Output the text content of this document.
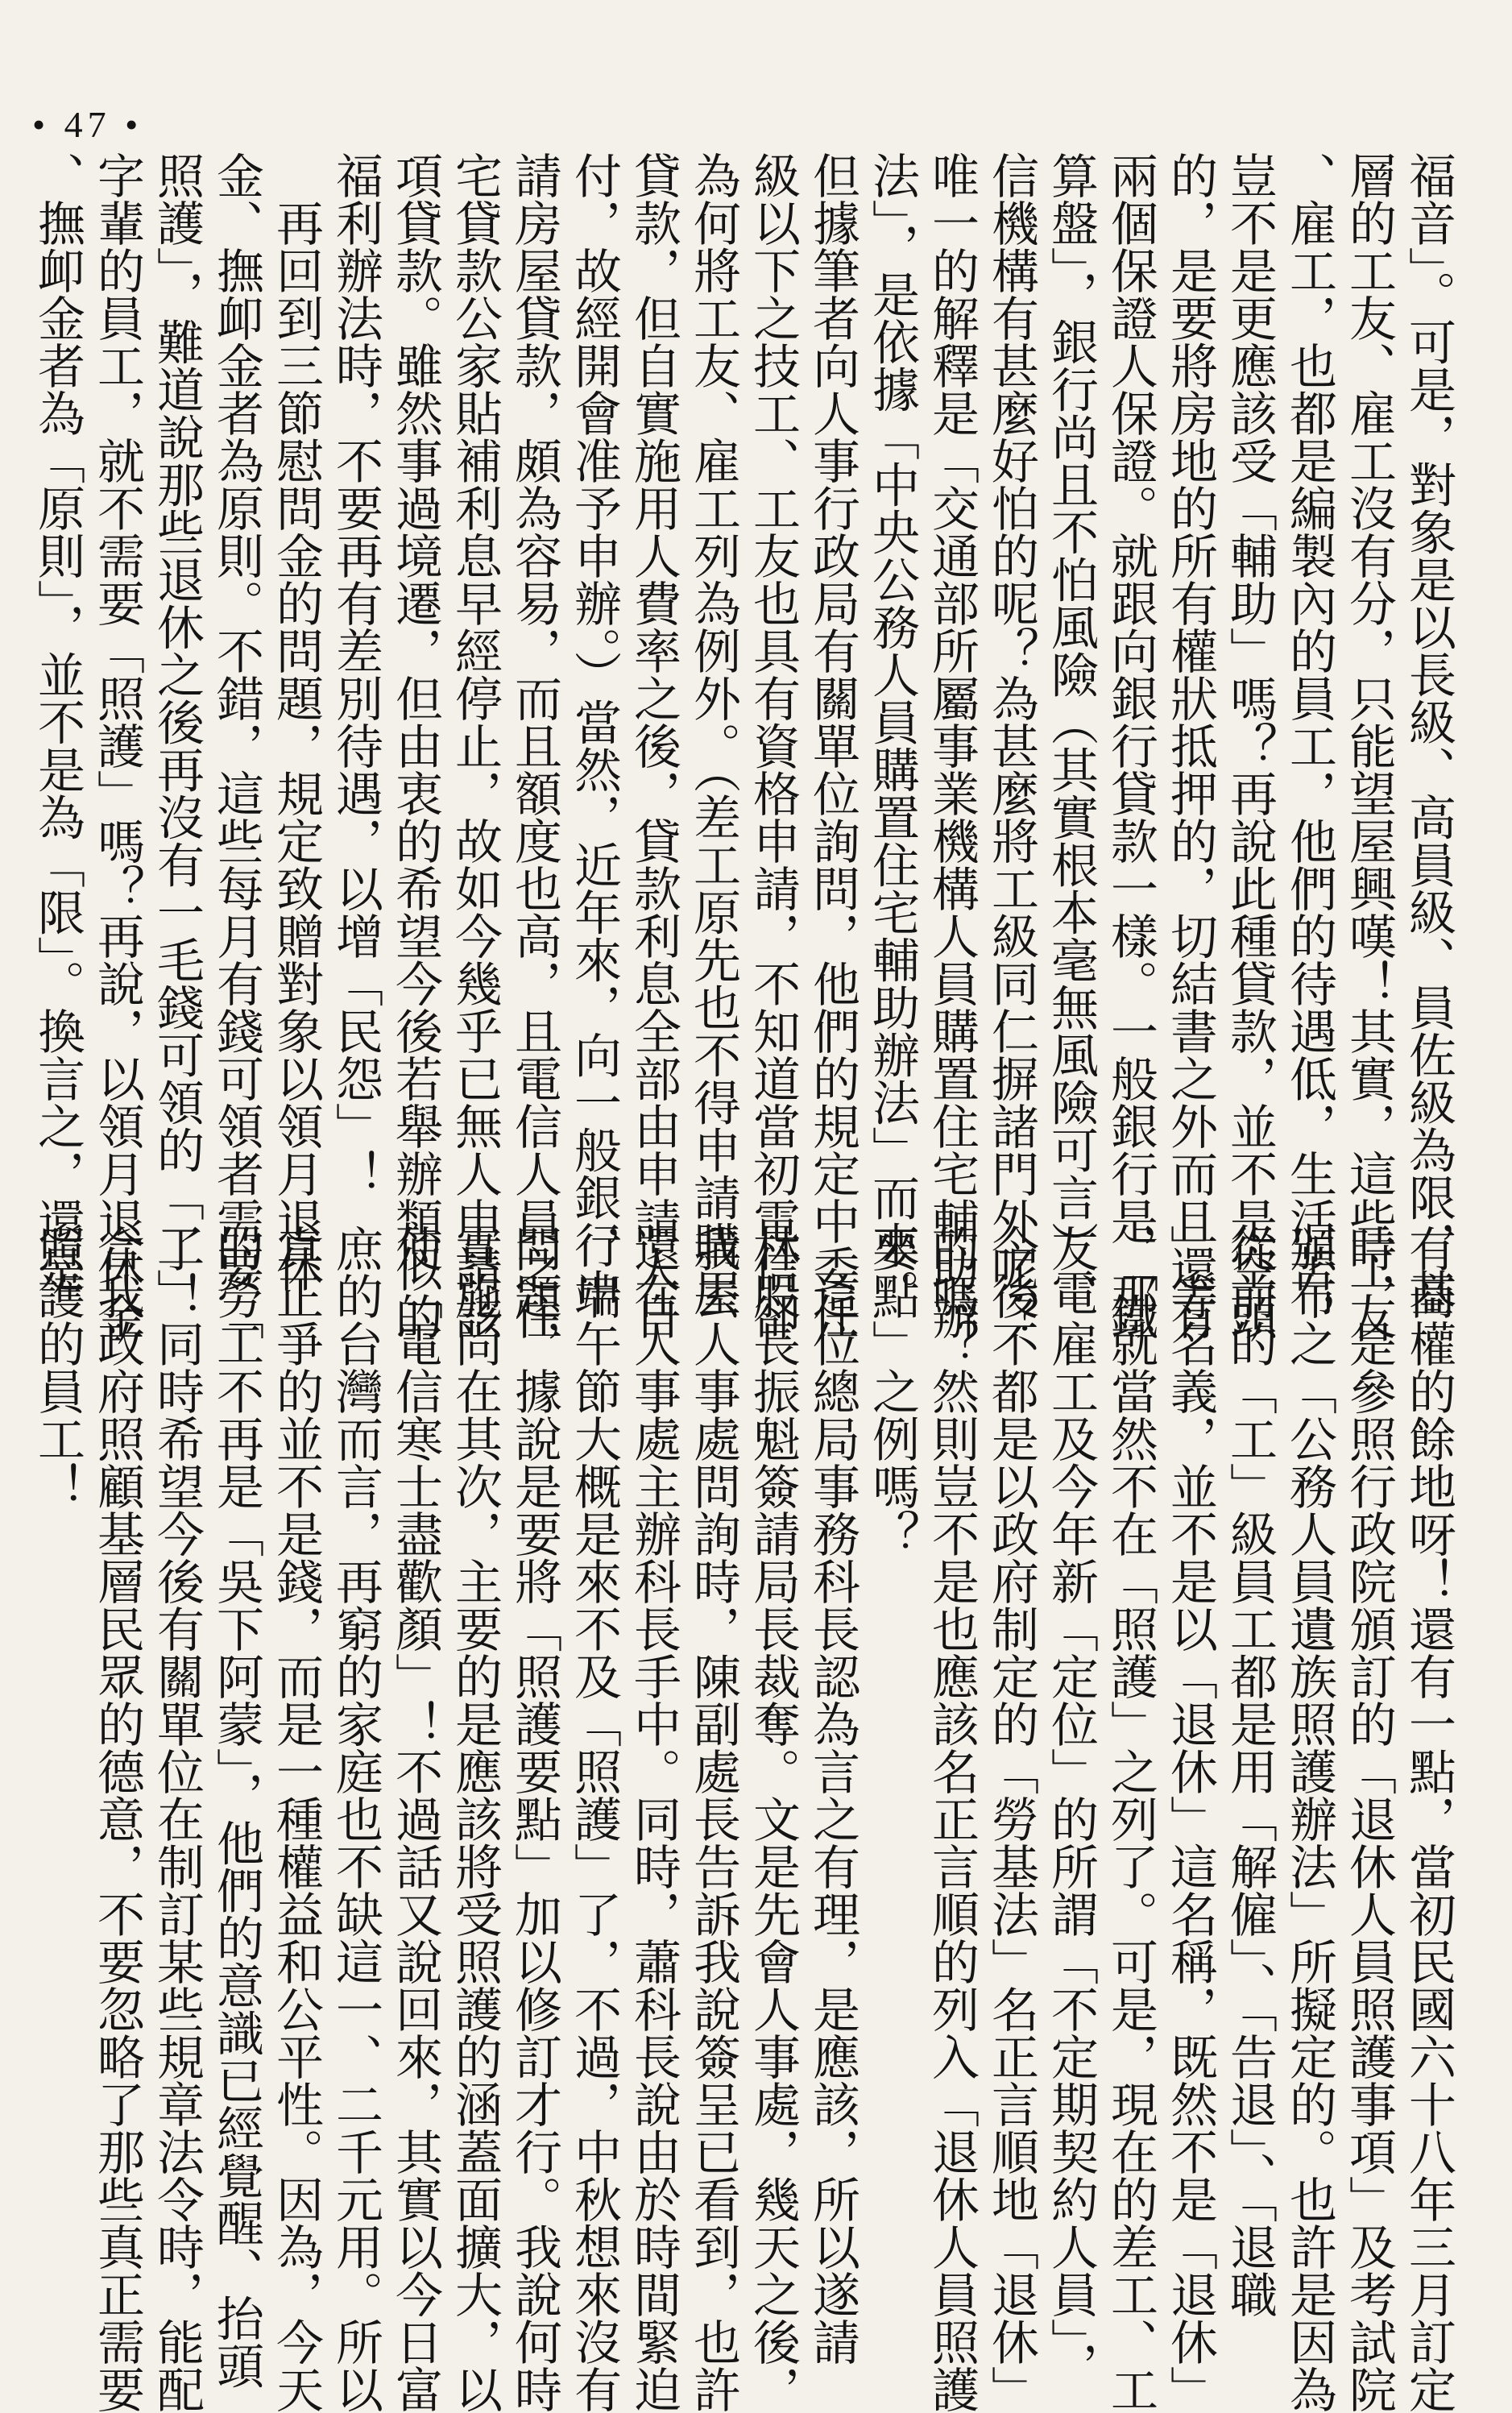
• 47 •
福音」。可是，對象是以長級、高員級、員佐級為限，基
層的工友、雇工沒有分，只能望屋興嘆！其實，這些工友
、雇工，也都是編製內的員工，他們的待遇低，生活苦，
豈不是更應該受「輔助」嗎？再說此種貸款，並不是空頭
的，是要將房地的所有權狀抵押的，切結書之外而且還有
兩個保證人保證。就跟向銀行貸款一樣。一般銀行是「鐵
算盤」，銀行尚且不怕風險（其實根本毫無風險可言）電
信機構有甚麼好怕的呢？為甚麼將工級同仁摒諸門外呢？
唯一的解釋是「交通部所屬事業機構人員購置住宅輔助辦
法」，是依據「中央公務人員購置住宅輔助辦法」而來。
但據筆者向人事行政局有關單位詢問，他們的規定中委任
級以下之技工、工友也具有資格申請，不知道當初電信卻
為何將工友、雇工列為例外。（差工原先也不得申請購屋
貸款，但自實施用人費率之後，貸款利息全部由申請人自
付，故經開會准予申辦。）當然，近年來，向一般銀行申
請房屋貸款，頗為容易，而且額度也高，且電信人員之住
宅貸款公家貼補利息早經停止，故如今幾乎已無人申請該
項貸款。雖然事過境遷，但由衷的希望今後若舉辦類似的
福利辦法時，不要再有差別待遇，以增「民怨」！
　再回到三節慰問金的問題，規定致贈對象以領月退休
金、撫卹金者為原則。不錯，這些每月有錢可領者需要「
照護」，難道說那些退休之後再沒有一毛錢可領的「工」
字輩的員工，就不需要「照護」嗎？再說，以領月退休金
、撫卹金者為「原則」，並不是為「限」。換言之，還是
有商權的餘地呀！還有一點，當初民國六十八年三月訂定
時，是參照行政院頒訂的「退休人員照護事項」及考試院
頒布之「公務人員遺族照護辦法」所擬定的。也許是因為
從前的「工」級員工都是用「解僱」、「告退」、「退職
」等名義，並不是以「退休」這名稱，既然不是「退休」
，那就當然不在「照護」之列了。可是，現在的差工、工
友、雇工及今年新「定位」的所謂「不定期契約人員」，
今後不都是以政府制定的「勞基法」名正言順地「退休」
的嗎？然則豈不是也應該名正言順的列入「退休人員照護
要點」之例嗎？
　這位總局事務科長認為言之有理，是應該，所以遂請
林股長振魁簽請局長裁奪。文是先會人事處，幾天之後，
我去人事處問詢時，陳副處長告訴我說簽呈已看到，也許
還在人事處主辦科長手中。同時，蕭科長說由於時間緊迫
，端午節大概是來不及「照護」了，不過，中秋想來沒有
問題，據說是要將「照護要點」加以修訂才行。我說何時
實施尚在其次，主要的是應該將受照護的涵蓋面擴大，以
使「電信寒士盡歡顏」！不過話又說回來，其實以今日富
庶的台灣而言，再窮的家庭也不缺這一、二千元用。所以
真正爭的並不是錢，而是一種權益和公平性。因為，今天
的勞工不再是「吳下阿蒙」，他們的意識已經覺醒、抬頭
了！同時希望今後有關單位在制訂某些規章法令時，能配
合我政府照顧基層民眾的德意，不要忽略了那些真正需要
照護的員工！
